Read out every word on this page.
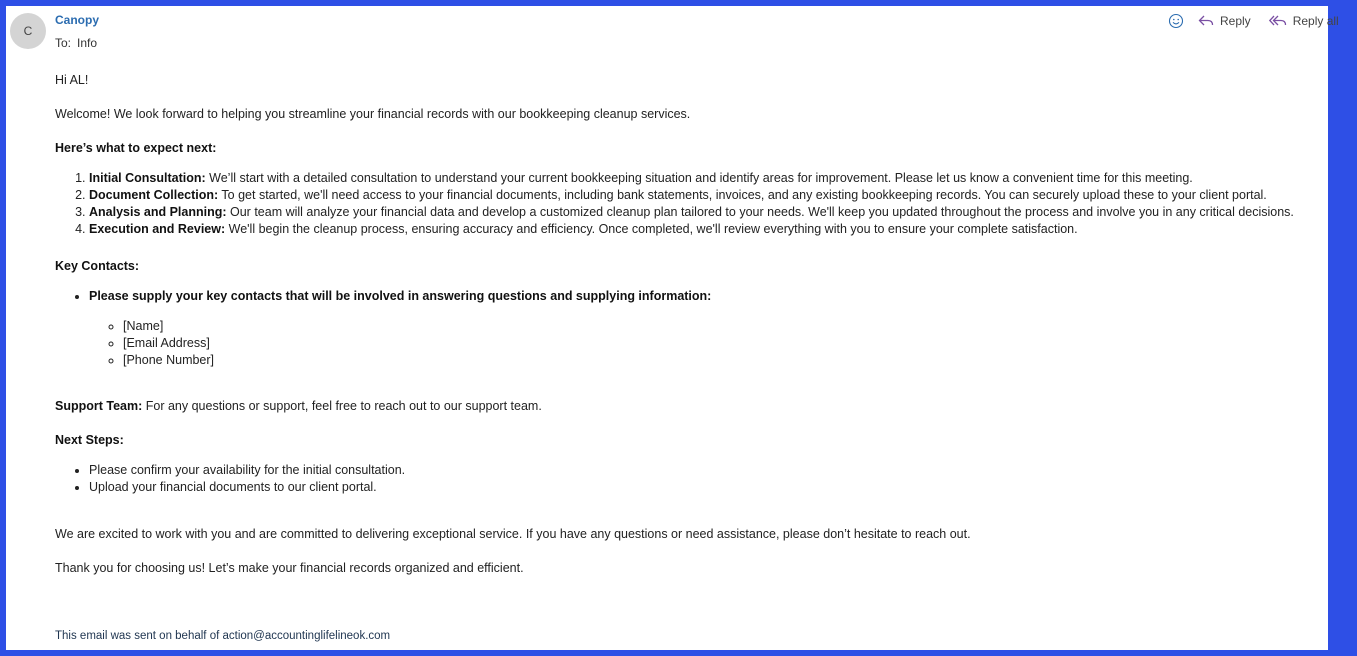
C
Canopy
To: Info
Reply	Reply all

Hi AL!

Welcome! We look forward to helping you streamline your financial records with our bookkeeping cleanup services.

Here’s what to expect next:

1. Initial Consultation: We’ll start with a detailed consultation to understand your current bookkeeping situation and identify areas for improvement. Please let us know a convenient time for this meeting.
2. Document Collection: To get started, we'll need access to your financial documents, including bank statements, invoices, and any existing bookkeeping records. You can securely upload these to your client portal.
3. Analysis and Planning: Our team will analyze your financial data and develop a customized cleanup plan tailored to your needs. We'll keep you updated throughout the process and involve you in any critical decisions.
4. Execution and Review: We'll begin the cleanup process, ensuring accuracy and efficiency. Once completed, we'll review everything with you to ensure your complete satisfaction.

Key Contacts:

• Please supply your key contacts that will be involved in answering questions and supplying information:
◦ [Name]
◦ [Email Address]
◦ [Phone Number]

Support Team: For any questions or support, feel free to reach out to our support team.

Next Steps:

• Please confirm your availability for the initial consultation.
• Upload your financial documents to our client portal.

We are excited to work with you and are committed to delivering exceptional service. If you have any questions or need assistance, please don’t hesitate to reach out.

Thank you for choosing us! Let’s make your financial records organized and efficient.

This email was sent on behalf of action@accountinglifelineok.com
